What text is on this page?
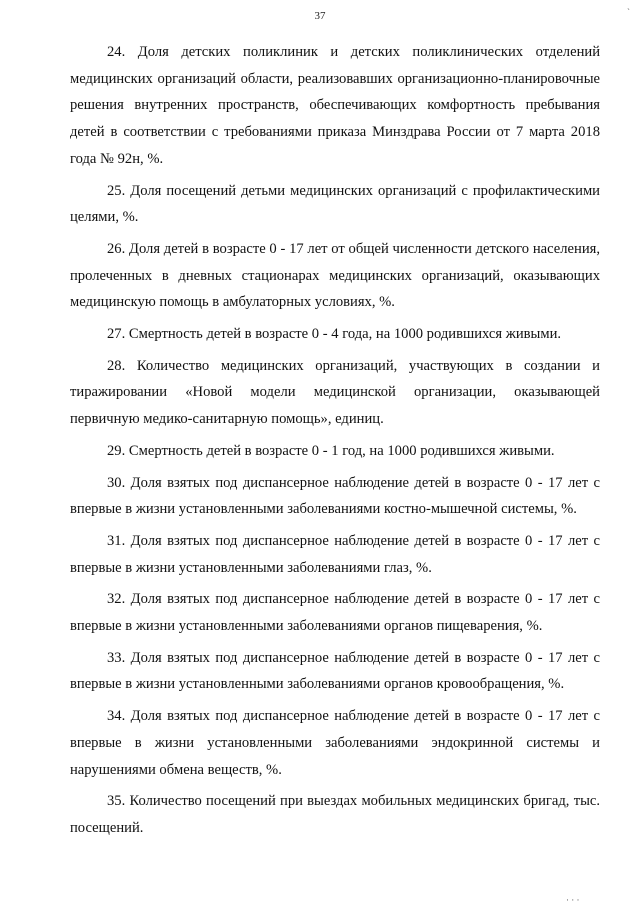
37
ˏ

24. Доля детских поликлиник и детских поликлинических отделений медицинских организаций области, реализовавших организационно-планировочные решения внутренних пространств, обеспечивающих комфортность пребывания детей в соответствии с требованиями приказа Минздрава России от 7 марта 2018 года № 92н, %.

25. Доля посещений детьми медицинских организаций с профилактическими целями, %.

26. Доля детей в возрасте 0 - 17 лет от общей численности детского населения, пролеченных в дневных стационарах медицинских организаций, оказывающих медицинскую помощь в амбулаторных условиях, %.

27. Смертность детей в возрасте 0 - 4 года, на 1000 родившихся живыми.

28. Количество медицинских организаций, участвующих в создании и тиражировании «Новой модели медицинской организации, оказывающей первичную медико-санитарную помощь», единиц.

29. Смертность детей в возрасте 0 - 1 год, на 1000 родившихся живыми.

30. Доля взятых под диспансерное наблюдение детей в возрасте 0 - 17 лет с впервые в жизни установленными заболеваниями костно-мышечной системы, %.

31. Доля взятых под диспансерное наблюдение детей в возрасте 0 - 17 лет с впервые в жизни установленными заболеваниями глаз, %.

32. Доля взятых под диспансерное наблюдение детей в возрасте 0 - 17 лет с впервые в жизни установленными заболеваниями органов пищеварения, %.

33. Доля взятых под диспансерное наблюдение детей в возрасте 0 - 17 лет с впервые в жизни установленными заболеваниями органов кровообращения, %.

34. Доля взятых под диспансерное наблюдение детей в возрасте 0 - 17 лет с впервые в жизни установленными заболеваниями эндокринной системы и нарушениями обмена веществ, %.

35. Количество посещений при выездах мобильных медицинских бригад, тыс. посещений.

· · ·
